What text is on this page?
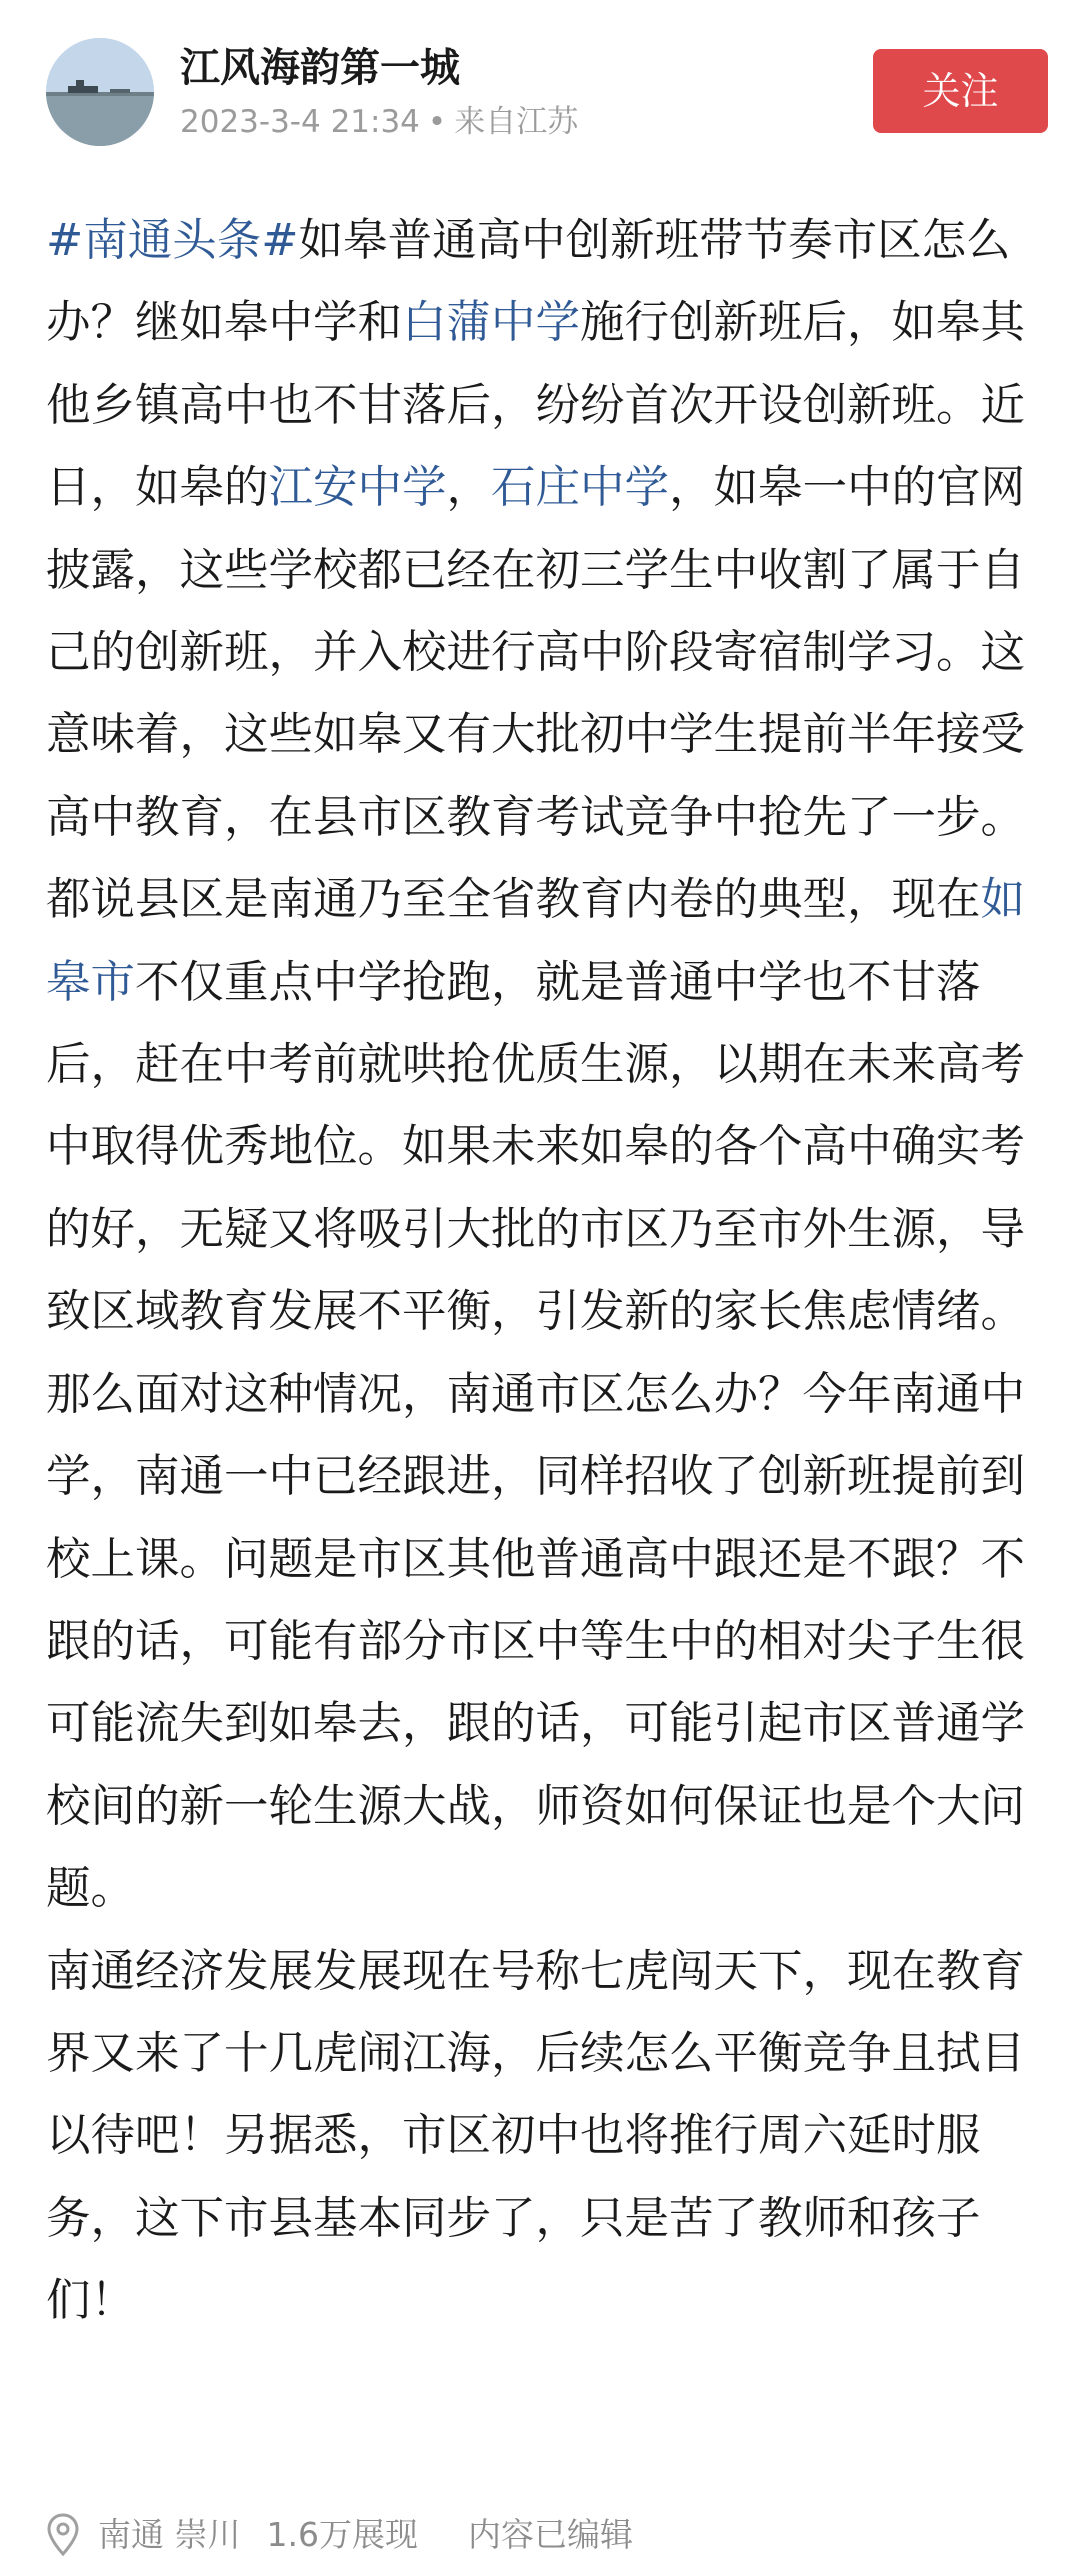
江风海韵第一城
2023-3-4 21:34 • 来自江苏
关注

#南通头条#如皋普通高中创新班带节奏市区怎么办？继如皋中学和白蒲中学施行创新班后，如皋其他乡镇高中也不甘落后，纷纷首次开设创新班。近日，如皋的江安中学，石庄中学，如皋一中的官网披露，这些学校都已经在初三学生中收割了属于自己的创新班，并入校进行高中阶段寄宿制学习。这意味着，这些如皋又有大批初中学生提前半年接受高中教育，在县市区教育考试竞争中抢先了一步。

都说县区是南通乃至全省教育内卷的典型，现在如皋市不仅重点中学抢跑，就是普通中学也不甘落后，赶在中考前就哄抢优质生源，以期在未来高考中取得优秀地位。如果未来如皋的各个高中确实考的好，无疑又将吸引大批的市区乃至市外生源，导致区域教育发展不平衡，引发新的家长焦虑情绪。

那么面对这种情况，南通市区怎么办？今年南通中学，南通一中已经跟进，同样招收了创新班提前到校上课。问题是市区其他普通高中跟还是不跟？不跟的话，可能有部分市区中等生中的相对尖子生很可能流失到如皋去，跟的话，可能引起市区普通学校间的新一轮生源大战，师资如何保证也是个大问题。

南通经济发展发展现在号称七虎闯天下，现在教育界又来了十几虎闹江海，后续怎么平衡竞争且拭目以待吧！另据悉，市区初中也将推行周六延时服务，这下市县基本同步了，只是苦了教师和孩子们！

南通 崇川 1.6万展现 内容已编辑
